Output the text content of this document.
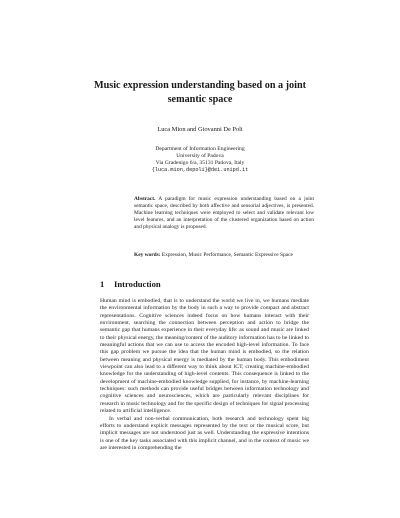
Music expression understanding based on a joint semantic space
Luca Mion and Giovanni De Poli
Department of Information Engineering
University of Padova
Via Gradenigo 6/a, 35131 Padova, Italy
{luca.mion,depoli}@dei.unipd.it
Abstract. A paradigm for music expression understanding based on a joint semantic space, described by both affective and sensorial adjectives, is presented. Machine learning techniques were employed to select and validate relevant low level features, and an interpretation of the clustered organization based on action and physical analogy is proposed.
Key words: Expression, Music Performance, Semantic Expressive Space
1 Introduction

Human mind is embodied, that is to understand the world we live in, we humans mediate the environmental information by the body in such a way to provide compact and abstract representations. Cognitive sciences indeed focus on how humans interact with their environment, searching the connection between perception and action to bridge the semantic gap that humans experience in their everyday life: as sound and music are linked to their physical energy, the meaning/content of the auditory information has to be linked to meaningful actions that we can use to access the encoded high-level information. To face this gap problem we pursue the idea that the human mind is embodied, so the relation between meaning and physical energy is mediated by the human body. This embodiment viewpoint can also lead to a different way to think about ICT, creating machine-embodied knowledge for the understanding of high-level contents. This consequence is linked to the development of machine-embodied knowledge supplied, for instance, by machine-learning techniques: such methods can provide useful bridges between information technology and cognitive sciences and neurosciences, which are particularly relevant disciplines for research in music technology and for the specific design of techniques for signal processing related to artificial intelligence.

In verbal and non-verbal communication, both research and technology spent big efforts to understand explicit messages represented by the text or the musical score, but implicit messages are not understood just as well. Understanding the expressive intentions is one of the key tasks associated with this implicit channel, and in the context of music we are interested in comprehending the
